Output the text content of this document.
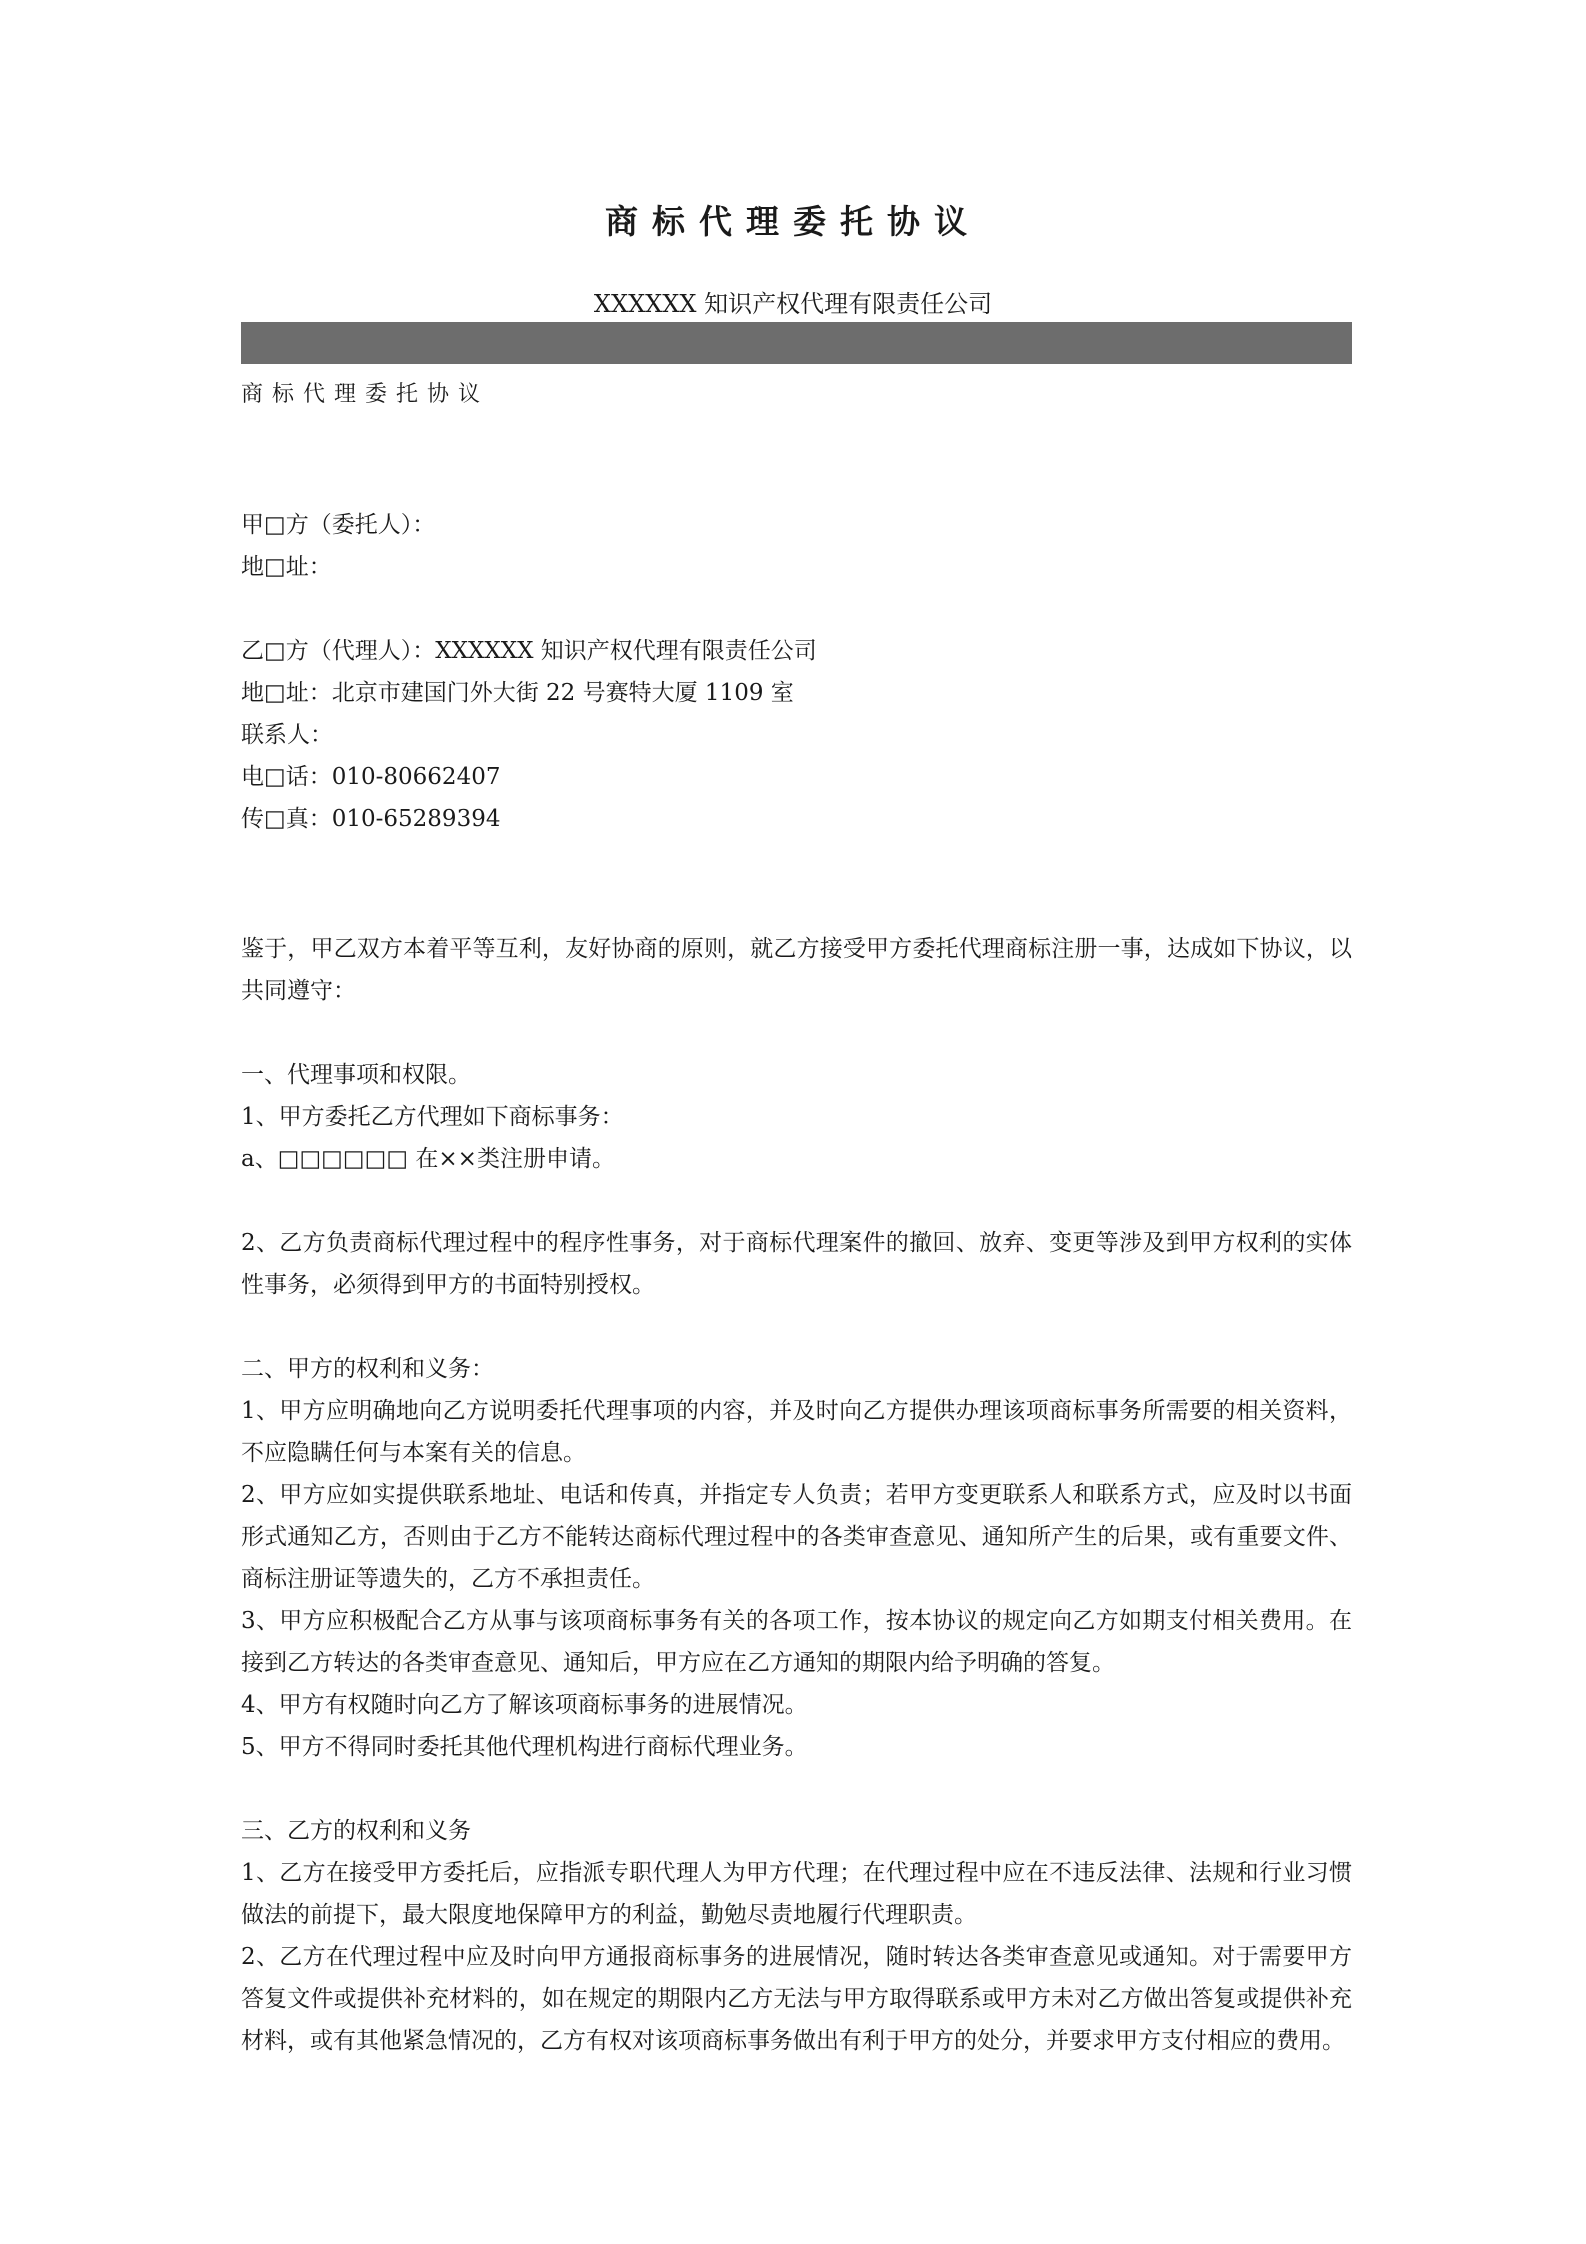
商标代理委托协议
XXXXXX 知识产权代理有限责任公司

商标代理委托协议

甲□方（委托人）：

地□址：

乙□方（代理人）：XXXXXX 知识产权代理有限责任公司

地□址：北京市建国门外大街 22 号赛特大厦 1109 室

联系人：

电□话：010-80662407

传□真：010-65289394

鉴于，甲乙双方本着平等互利，友好协商的原则，就乙方接受甲方委托代理商标注册一事，达成如下协议，以共同遵守：

一、代理事项和权限。

1、甲方委托乙方代理如下商标事务：

a、□□□□□□ 在××类注册申请。

2、乙方负责商标代理过程中的程序性事务，对于商标代理案件的撤回、放弃、变更等涉及到甲方权利的实体性事务，必须得到甲方的书面特别授权。

二、甲方的权利和义务：

1、甲方应明确地向乙方说明委托代理事项的内容，并及时向乙方提供办理该项商标事务所需要的相关资料，不应隐瞒任何与本案有关的信息。

2、甲方应如实提供联系地址、电话和传真，并指定专人负责；若甲方变更联系人和联系方式，应及时以书面形式通知乙方，否则由于乙方不能转达商标代理过程中的各类审查意见、通知所产生的后果，或有重要文件、商标注册证等遗失的，乙方不承担责任。

3、甲方应积极配合乙方从事与该项商标事务有关的各项工作，按本协议的规定向乙方如期支付相关费用。在接到乙方转达的各类审查意见、通知后，甲方应在乙方通知的期限内给予明确的答复。

4、甲方有权随时向乙方了解该项商标事务的进展情况。

5、甲方不得同时委托其他代理机构进行商标代理业务。

三、乙方的权利和义务

1、乙方在接受甲方委托后，应指派专职代理人为甲方代理；在代理过程中应在不违反法律、法规和行业习惯做法的前提下，最大限度地保障甲方的利益，勤勉尽责地履行代理职责。

2、乙方在代理过程中应及时向甲方通报商标事务的进展情况，随时转达各类审查意见或通知。对于需要甲方答复文件或提供补充材料的，如在规定的期限内乙方无法与甲方取得联系或甲方未对乙方做出答复或提供补充材料，或有其他紧急情况的，乙方有权对该项商标事务做出有利于甲方的处分，并要求甲方支付相应的费用。
